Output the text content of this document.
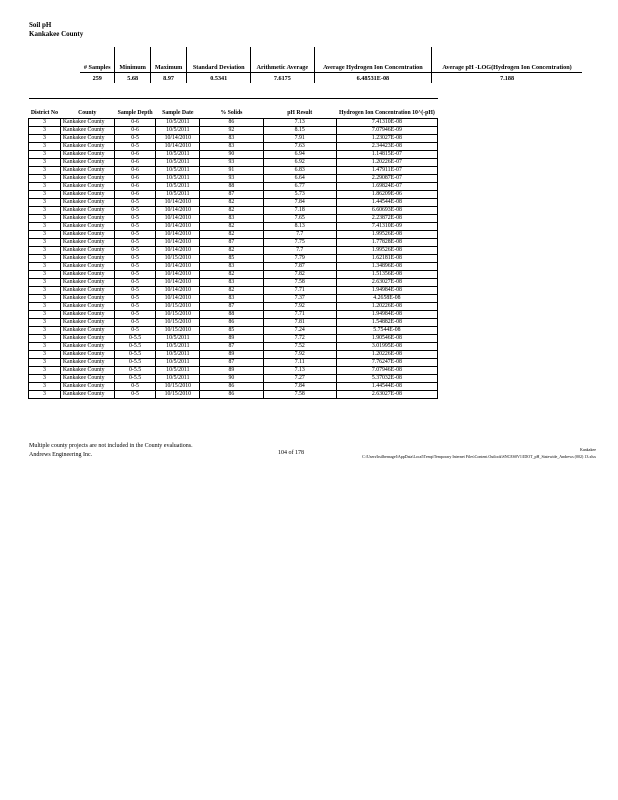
Soil pH
Kankakee County
# Samples	Minimum	Maximum	Standard Deviation	Arithmetic Average	Average Hydrogen Ion Concentration	Average pH -LOG(Hydrogen Ion Concentration)
259	5.68	8.97	0.5341	7.6175	6.48531E-08	7.188
District No	County	Sample Depth	Sample Date	% Solids	pH Result	Hydrogen Ion Concentration 10^(-pH)
3	Kankakee County	0-6	10/5/2011	86	7.13	7.41310E-08
3	Kankakee County	0-6	10/5/2011	92	8.15	7.07946E-09
3	Kankakee County	0-5	10/14/2010	83	7.91	1.23027E-08
3	Kankakee County	0-5	10/14/2010	83	7.63	2.34423E-08
3	Kankakee County	0-6	10/5/2011	90	6.94	1.14815E-07
3	Kankakee County	0-6	10/5/2011	93	6.92	1.20226E-07
3	Kankakee County	0-6	10/5/2011	91	6.83	1.47911E-07
3	Kankakee County	0-6	10/5/2011	93	6.64	2.29087E-07
3	Kankakee County	0-6	10/5/2011	88	6.77	1.69824E-07
3	Kankakee County	0-6	10/5/2011	87	5.73	1.86209E-06
3	Kankakee County	0-5	10/14/2010	82	7.84	1.44544E-08
3	Kankakee County	0-5	10/14/2010	82	7.18	6.60693E-08
3	Kankakee County	0-5	10/14/2010	83	7.65	2.23872E-08
3	Kankakee County	0-5	10/14/2010	82	8.13	7.41310E-09
3	Kankakee County	0-5	10/14/2010	82	7.7	1.99526E-08
3	Kankakee County	0-5	10/14/2010	87	7.75	1.77828E-08
3	Kankakee County	0-5	10/14/2010	82	7.7	1.99526E-08
3	Kankakee County	0-5	10/15/2010	85	7.79	1.62181E-08
3	Kankakee County	0-5	10/14/2010	83	7.87	1.34896E-08
3	Kankakee County	0-5	10/14/2010	82	7.82	1.51356E-08
3	Kankakee County	0-5	10/14/2010	83	7.58	2.63027E-08
3	Kankakee County	0-5	10/14/2010	82	7.71	1.94984E-08
3	Kankakee County	0-5	10/14/2010	83	7.37	4.2658E-08
3	Kankakee County	0-5	10/15/2010	87	7.92	1.20226E-08
3	Kankakee County	0-5	10/15/2010	88	7.71	1.94984E-08
3	Kankakee County	0-5	10/15/2010	86	7.81	1.54882E-08
3	Kankakee County	0-5	10/15/2010	85	7.24	5.7544E-08
3	Kankakee County	0-5.5	10/5/2011	89	7.72	1.90546E-08
3	Kankakee County	0-5.5	10/5/2011	87	7.52	3.01995E-08
3	Kankakee County	0-5.5	10/5/2011	89	7.92	1.20226E-08
3	Kankakee County	0-5.5	10/5/2011	87	7.11	7.76247E-08
3	Kankakee County	0-5.5	10/5/2011	89	7.13	7.07946E-08
3	Kankakee County	0-5.5	10/5/2011	90	7.27	5.37032E-08
3	Kankakee County	0-5	10/15/2010	86	7.84	1.44544E-08
3	Kankakee County	0-5	10/15/2010	86	7.58	2.63027E-08
Multiple county projects are not included in the County evaluations.
Andrews Engineering Inc.	104 of 178
Kankakee
C:\Users\bsilbernagel\AppData\Local\Temp\Temporary Internet Files\Content.Outlook\SNCES0V1\IDOT_pH_Statewide_Andrews (002) 13.xlsx
